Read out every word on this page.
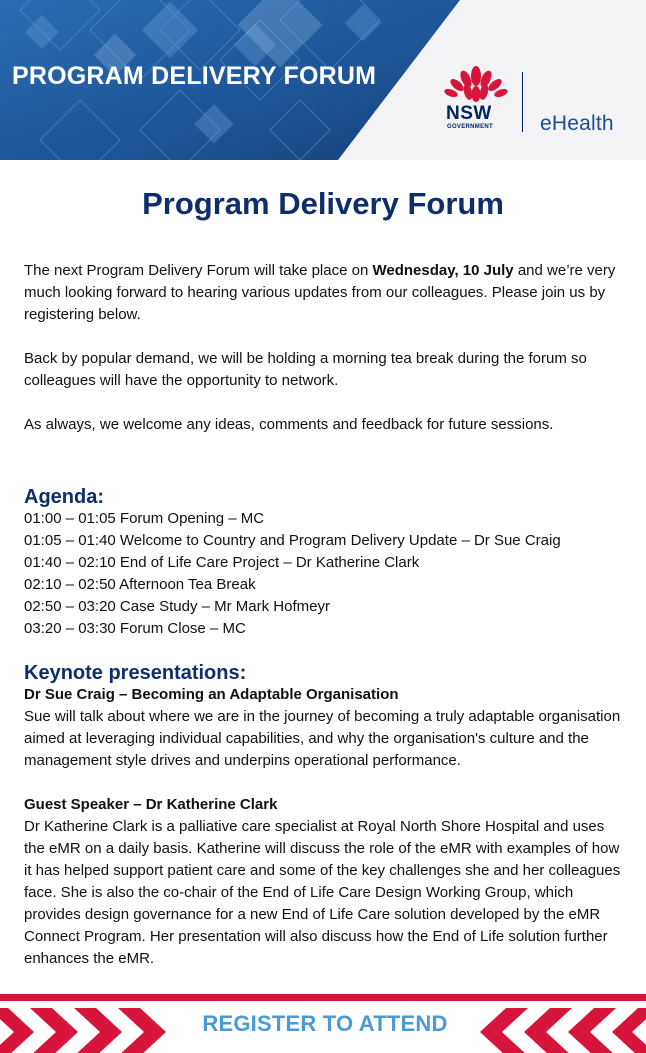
PROGRAM DELIVERY FORUM
NSW
GOVERNMENT eHealth
Program Delivery Forum

The next Program Delivery Forum will take place on Wednesday, 10 July and we’re very much looking forward to hearing various updates from our colleagues. Please join us by registering below.

Back by popular demand, we will be holding a morning tea break during the forum so colleagues will have the opportunity to network.

As always, we welcome any ideas, comments and feedback for future sessions.

Agenda:
01:00 – 01:05 Forum Opening – MC
01:05 – 01:40 Welcome to Country and Program Delivery Update – Dr Sue Craig
01:40 – 02:10 End of Life Care Project – Dr Katherine Clark
02:10 – 02:50 Afternoon Tea Break
02:50 – 03:20 Case Study – Mr Mark Hofmeyr
03:20 – 03:30 Forum Close – MC
Keynote presentations:

Dr Sue Craig – Becoming an Adaptable Organisation

Sue will talk about where we are in the journey of becoming a truly adaptable organisation aimed at leveraging individual capabilities, and why the organisation's culture and the management style drives and underpins operational performance.

Guest Speaker – Dr Katherine Clark

Dr Katherine Clark is a palliative care specialist at Royal North Shore Hospital and uses the eMR on a daily basis. Katherine will discuss the role of the eMR with examples of how it has helped support patient care and some of the key challenges she and her colleagues face. She is also the co-chair of the End of Life Care Design Working Group, which provides design governance for a new End of Life Care solution developed by the eMR Connect Program. Her presentation will also discuss how the End of Life solution further enhances the eMR.

REGISTER TO ATTEND
